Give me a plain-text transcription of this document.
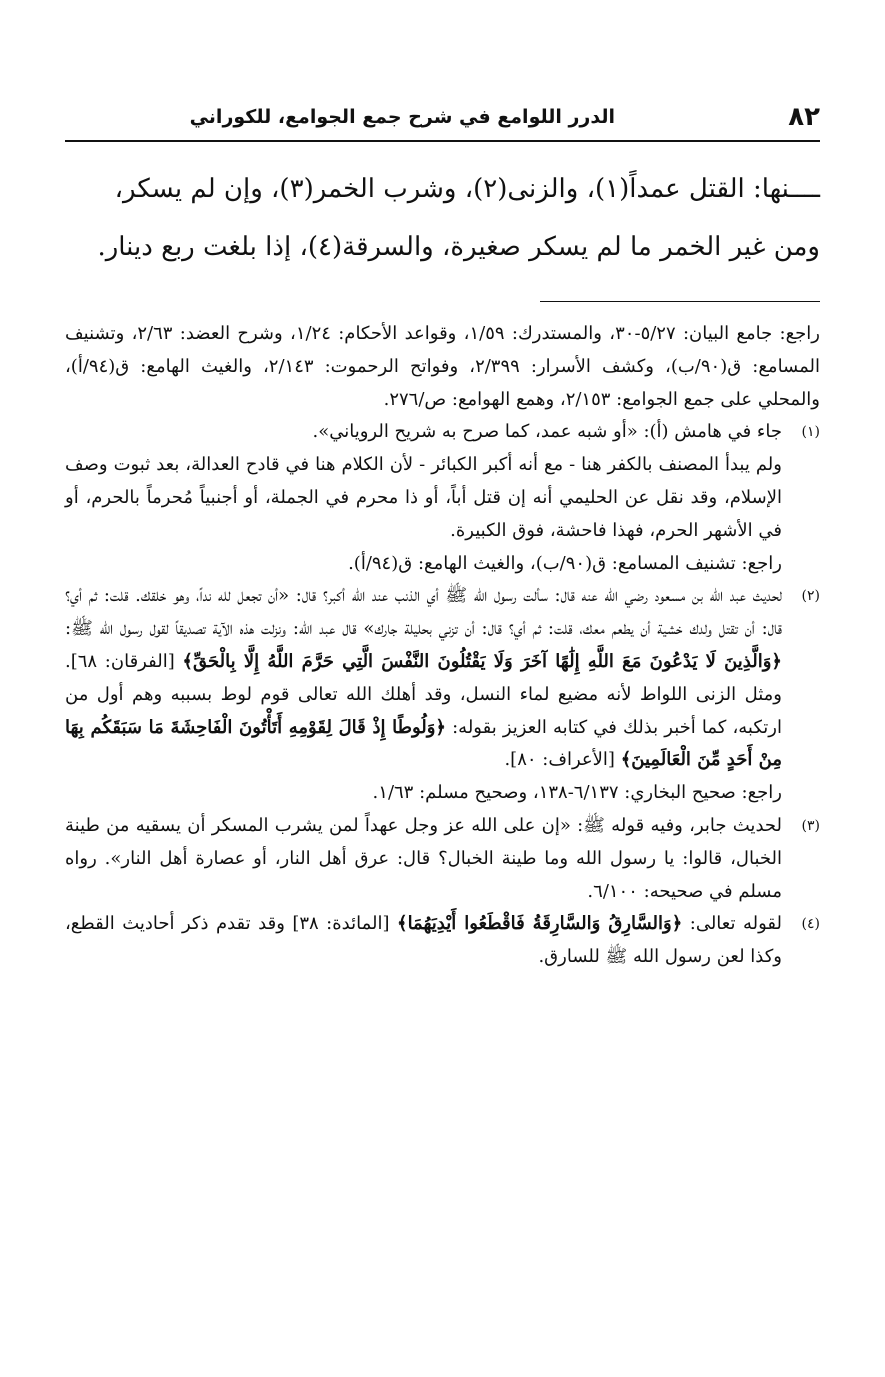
٨٢
الدرر اللوامع في شرح جمع الجوامع، للكوراني

ــــنها: القتل عمداً(١)، والزنى(٢)، وشرب الخمر(٣)، وإن لم يسكر،

ومن غير الخمر ما لم يسكر صغيرة، والسرقة(٤)، إذا بلغت ربع دينار.

راجع: جامع البيان: ٥/٢٧-٣٠، والمستدرك: ١/٥٩، وقواعد الأحكام: ١/٢٤، وشرح العضد: ٢/٦٣، وتشنيف المسامع: ق(٩٠/ب)، وكشف الأسرار: ٢/٣٩٩، وفواتح الرحموت: ٢/١٤٣، والغيث الهامع: ق(٩٤/أ)، والمحلي على جمع الجوامع: ٢/١٥٣، وهمع الهوامع: ص/٢٧٦.

(١)

جاء في هامش (أ): «أو شبه عمد، كما صرح به شريح الروياني».

ولم يبدأ المصنف بالكفر هنا - مع أنه أكبر الكبائر - لأن الكلام هنا في قادح العدالة، بعد ثبوت وصف الإسلام، وقد نقل عن الحليمي أنه إن قتل أباً، أو ذا محرم في الجملة، أو أجنبياً مُحرماً بالحرم، أو في الأشهر الحرم، فهذا فاحشة، فوق الكبيرة.

راجع: تشنيف المسامع: ق(٩٠/ب)، والغيث الهامع: ق(٩٤/أ).

(٢)

لحديث عبد الله بن مسعود رضي الله عنه قال: سألت رسول الله ﷺ أي الذنب عند الله أكبر؟ قال: «أن تجعل لله نداً، وهو خلقك. قلت: ثم أي؟ قال: أن تقتل ولدك خشية أن يطعم معك، قلت: ثم أي؟ قال: أن تزني بحليلة جارك» قال عبد الله: ونزلت هذه الآية تصديقاً لقول رسول الله ﷺ: ﴿وَالَّذِينَ لَا يَدْعُونَ مَعَ اللَّهِ إِلَٰهًا آخَرَ وَلَا يَقْتُلُونَ النَّفْسَ الَّتِي حَرَّمَ اللَّهُ إِلَّا بِالْحَقِّ﴾ [الفرقان: ٦٨]. ومثل الزنى اللواط لأنه مضيع لماء النسل، وقد أهلك الله تعالى قوم لوط بسببه وهم أول من ارتكبه، كما أخبر بذلك في كتابه العزيز بقوله: ﴿وَلُوطًا إِذْ قَالَ لِقَوْمِهِ أَتَأْتُونَ الْفَاحِشَةَ مَا سَبَقَكُم بِهَا مِنْ أَحَدٍ مِّنَ الْعَالَمِينَ﴾ [الأعراف: ٨٠].

راجع: صحيح البخاري: ٦/١٣٧-١٣٨، وصحيح مسلم: ١/٦٣.

(٣)

لحديث جابر، وفيه قوله ﷺ: «إن على الله عز وجل عهداً لمن يشرب المسكر أن يسقيه من طينة الخبال، قالوا: يا رسول الله وما طينة الخبال؟ قال: عرق أهل النار، أو عصارة أهل النار». رواه مسلم في صحيحه: ٦/١٠٠.

(٤)

لقوله تعالى: ﴿وَالسَّارِقُ وَالسَّارِقَةُ فَاقْطَعُوا أَيْدِيَهُمَا﴾ [المائدة: ٣٨] وقد تقدم ذكر أحاديث القطع، وكذا لعن رسول الله ﷺ للسارق.
